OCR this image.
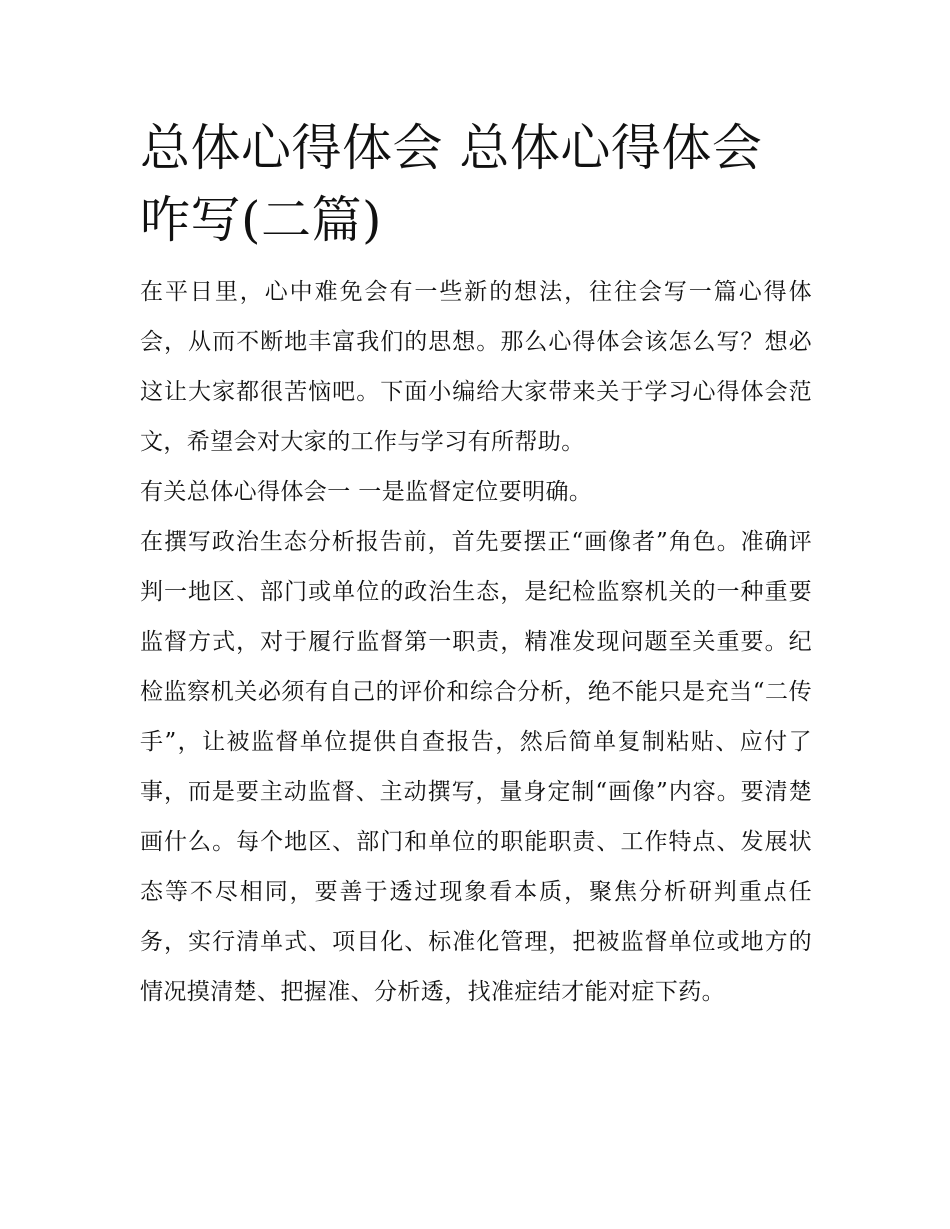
总体心得体会 总体心得体会咋写(二篇)

在平日里，心中难免会有一些新的想法，往往会写一篇心得体会，从而不断地丰富我们的思想。那么心得体会该怎么写？想必这让大家都很苦恼吧。下面小编给大家带来关于学习心得体会范文，希望会对大家的工作与学习有所帮助。

有关总体心得体会一 一是监督定位要明确。

在撰写政治生态分析报告前，首先要摆正“画像者”角色。准确评判一地区、部门或单位的政治生态，是纪检监察机关的一种重要监督方式，对于履行监督第一职责，精准发现问题至关重要。纪检监察机关必须有自己的评价和综合分析，绝不能只是充当“二传手”，让被监督单位提供自查报告，然后简单复制粘贴、应付了事，而是要主动监督、主动撰写，量身定制“画像”内容。要清楚画什么。每个地区、部门和单位的职能职责、工作特点、发展状态等不尽相同，要善于透过现象看本质，聚焦分析研判重点任务，实行清单式、项目化、标准化管理，把被监督单位或地方的情况摸清楚、把握准、分析透，找准症结才能对症下药。
